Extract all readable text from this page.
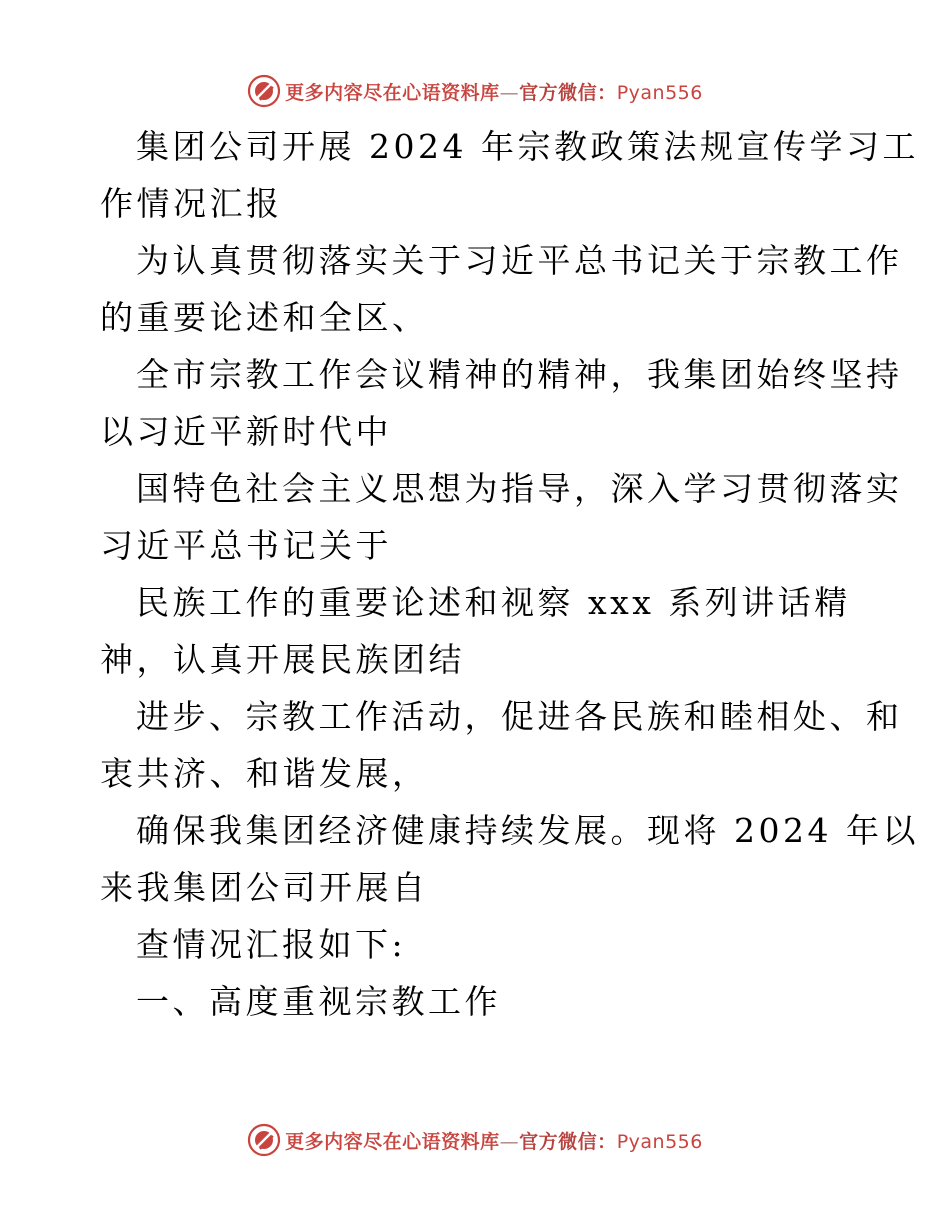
更多内容尽在心语资料库—官方微信：Pyan556
集团公司开展 2024 年宗教政策法规宣传学习工
作情况汇报
为认真贯彻落实关于习近平总书记关于宗教工作
的重要论述和全区、
全市宗教工作会议精神的精神，我集团始终坚持
以习近平新时代中
国特色社会主义思想为指导，深入学习贯彻落实
习近平总书记关于
民族工作的重要论述和视察 xxx 系列讲话精
神，认真开展民族团结
进步、宗教工作活动，促进各民族和睦相处、和
衷共济、和谐发展，
确保我集团经济健康持续发展。现将 2024 年以
来我集团公司开展自
查情况汇报如下:
一、高度重视宗教工作
更多内容尽在心语资料库—官方微信：Pyan556
